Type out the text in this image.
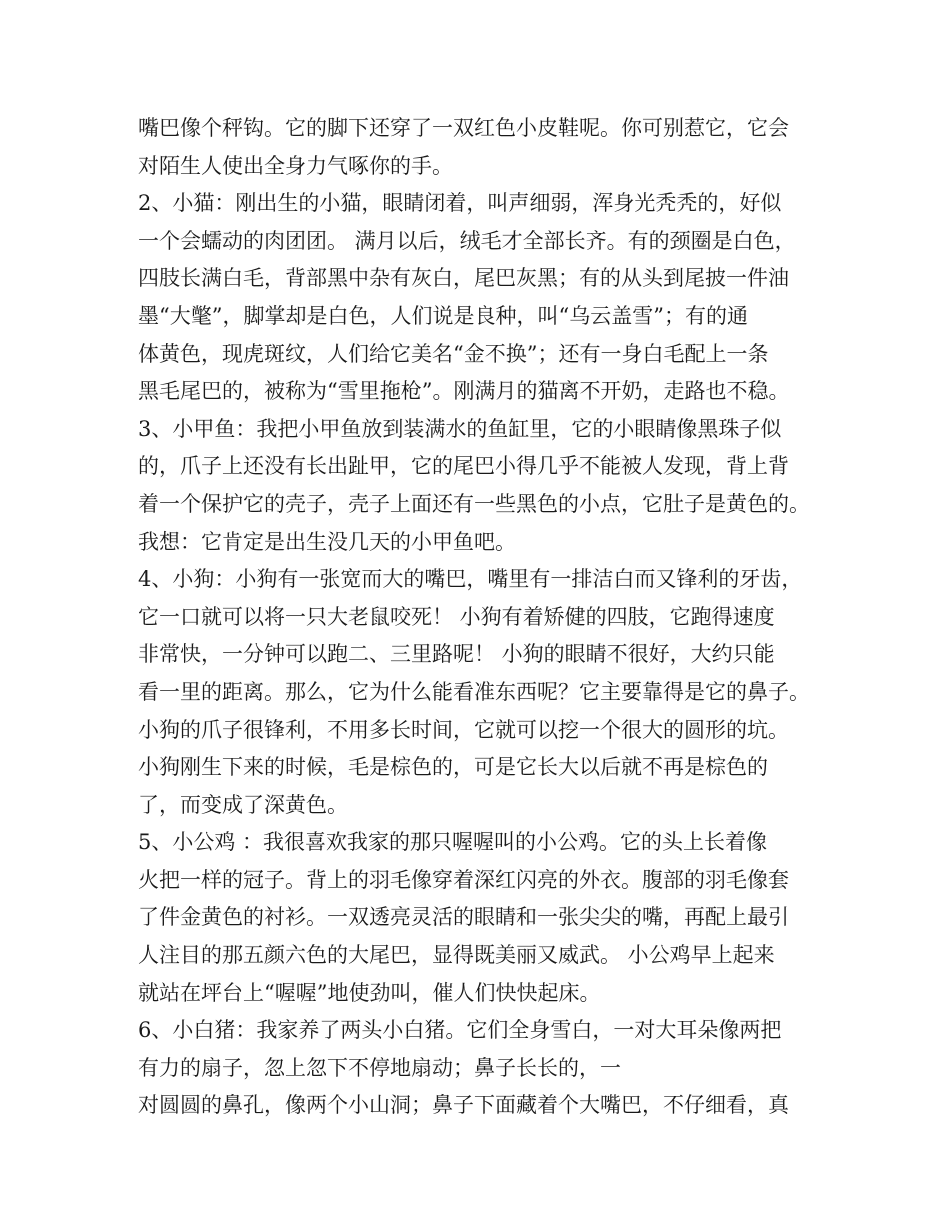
嘴巴像个秤钩。它的脚下还穿了一双红色小皮鞋呢。你可别惹它，它会
对陌生人使出全身力气啄你的手。
2、小猫：刚出生的小猫，眼睛闭着，叫声细弱，浑身光秃秃的，好似
一个会蠕动的肉团团。 满月以后，绒毛才全部长齐。有的颈圈是白色，
四肢长满白毛，背部黑中杂有灰白，尾巴灰黑；有的从头到尾披一件油
墨“大氅”，脚掌却是白色，人们说是良种，叫“乌云盖雪”；有的通
体黄色，现虎斑纹，人们给它美名“金不换”；还有一身白毛配上一条
黑毛尾巴的，被称为“雪里拖枪”。刚满月的猫离不开奶，走路也不稳。
3、小甲鱼：我把小甲鱼放到装满水的鱼缸里，它的小眼睛像黑珠子似
的，爪子上还没有长出趾甲，它的尾巴小得几乎不能被人发现，背上背
着一个保护它的壳子，壳子上面还有一些黑色的小点，它肚子是黄色的。
我想：它肯定是出生没几天的小甲鱼吧。
4、小狗：小狗有一张宽而大的嘴巴，嘴里有一排洁白而又锋利的牙齿，
它一口就可以将一只大老鼠咬死！ 小狗有着矫健的四肢，它跑得速度
非常快，一分钟可以跑二、三里路呢！ 小狗的眼睛不很好，大约只能
看一里的距离。那么，它为什么能看准东西呢？它主要靠得是它的鼻子。
小狗的爪子很锋利，不用多长时间，它就可以挖一个很大的圆形的坑。
小狗刚生下来的时候，毛是棕色的，可是它长大以后就不再是棕色的
了，而变成了深黄色。
5、小公鸡 ：我很喜欢我家的那只喔喔叫的小公鸡。它的头上长着像
火把一样的冠子。背上的羽毛像穿着深红闪亮的外衣。腹部的羽毛像套
了件金黄色的衬衫。一双透亮灵活的眼睛和一张尖尖的嘴，再配上最引
人注目的那五颜六色的大尾巴，显得既美丽又威武。 小公鸡早上起来
就站在坪台上“喔喔”地使劲叫，催人们快快起床。
6、小白猪：我家养了两头小白猪。它们全身雪白，一对大耳朵像两把
有力的扇子，忽上忽下不停地扇动；鼻子长长的，一
对圆圆的鼻孔，像两个小山洞；鼻子下面藏着个大嘴巴，不仔细看，真
